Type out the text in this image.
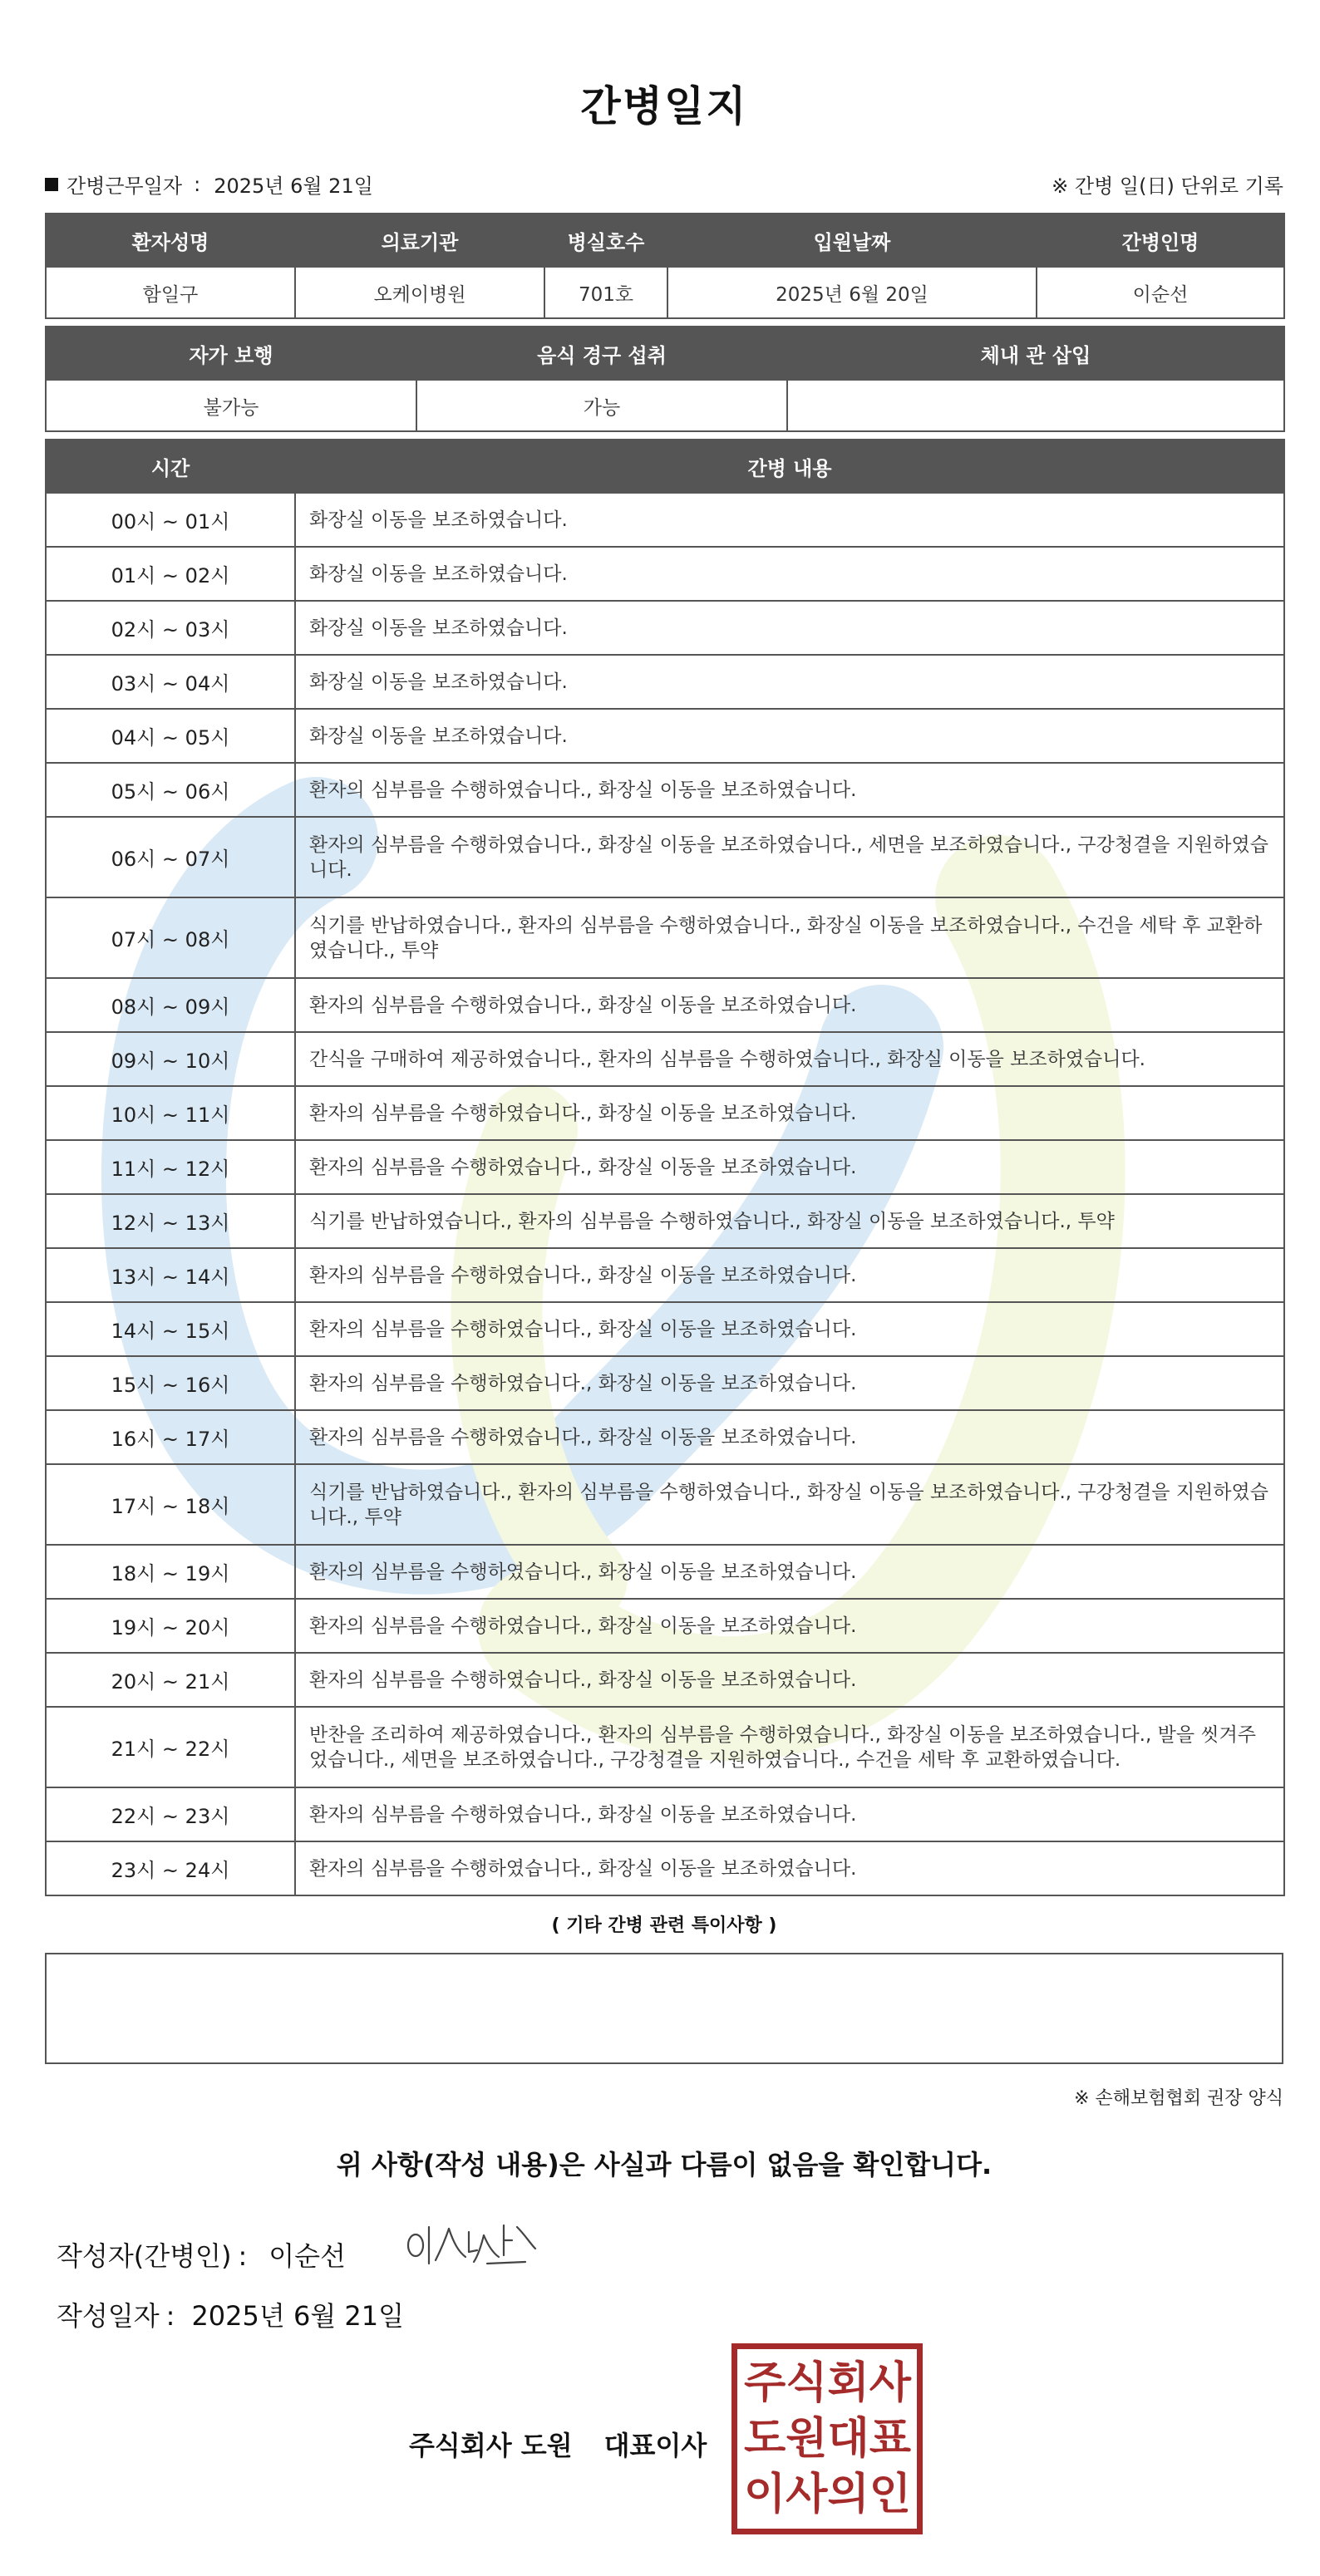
간병일지
간병근무일자 : 2025년 6월 21일	※ 간병 일(日) 단위로 기록
환자성명	의료기관	병실호수	입원날짜	간병인명
함일구	오케이병원	701호	2025년 6월 20일	이순선
자가 보행	음식 경구 섭취	체내 관 삽입
불가능	가능	
시간	간병 내용
00시 ~ 01시	화장실 이동을 보조하였습니다.
01시 ~ 02시	화장실 이동을 보조하였습니다.
02시 ~ 03시	화장실 이동을 보조하였습니다.
03시 ~ 04시	화장실 이동을 보조하였습니다.
04시 ~ 05시	화장실 이동을 보조하였습니다.
05시 ~ 06시	환자의 심부름을 수행하였습니다., 화장실 이동을 보조하였습니다.
06시 ~ 07시	환자의 심부름을 수행하였습니다., 화장실 이동을 보조하였습니다., 세면을 보조하였습니다., 구강청결을 지원하였습니다.
07시 ~ 08시	식기를 반납하였습니다., 환자의 심부름을 수행하였습니다., 화장실 이동을 보조하였습니다., 수건을 세탁 후 교환하였습니다., 투약
08시 ~ 09시	환자의 심부름을 수행하였습니다., 화장실 이동을 보조하였습니다.
09시 ~ 10시	간식을 구매하여 제공하였습니다., 환자의 심부름을 수행하였습니다., 화장실 이동을 보조하였습니다.
10시 ~ 11시	환자의 심부름을 수행하였습니다., 화장실 이동을 보조하였습니다.
11시 ~ 12시	환자의 심부름을 수행하였습니다., 화장실 이동을 보조하였습니다.
12시 ~ 13시	식기를 반납하였습니다., 환자의 심부름을 수행하였습니다., 화장실 이동을 보조하였습니다., 투약
13시 ~ 14시	환자의 심부름을 수행하였습니다., 화장실 이동을 보조하였습니다.
14시 ~ 15시	환자의 심부름을 수행하였습니다., 화장실 이동을 보조하였습니다.
15시 ~ 16시	환자의 심부름을 수행하였습니다., 화장실 이동을 보조하였습니다.
16시 ~ 17시	환자의 심부름을 수행하였습니다., 화장실 이동을 보조하였습니다.
17시 ~ 18시	식기를 반납하였습니다., 환자의 심부름을 수행하였습니다., 화장실 이동을 보조하였습니다., 구강청결을 지원하였습니다., 투약
18시 ~ 19시	환자의 심부름을 수행하였습니다., 화장실 이동을 보조하였습니다.
19시 ~ 20시	환자의 심부름을 수행하였습니다., 화장실 이동을 보조하였습니다.
20시 ~ 21시	환자의 심부름을 수행하였습니다., 화장실 이동을 보조하였습니다.
21시 ~ 22시	반찬을 조리하여 제공하였습니다., 환자의 심부름을 수행하였습니다., 화장실 이동을 보조하였습니다., 발을 씻겨주었습니다., 세면을 보조하였습니다., 구강청결을 지원하였습니다., 수건을 세탁 후 교환하였습니다.
22시 ~ 23시	환자의 심부름을 수행하였습니다., 화장실 이동을 보조하였습니다.
23시 ~ 24시	환자의 심부름을 수행하였습니다., 화장실 이동을 보조하였습니다.
( 기타 간병 관련 특이사항 )
※ 손해보험협회 권장 양식
위 사항(작성 내용)은 사실과 다름이 없음을 확인합니다.
작성자(간병인) : 이순선
작성일자 : 2025년 6월 21일
주식회사 도원 대표이사
주 식 회 사
도 원 대 표
이 사 의 인
